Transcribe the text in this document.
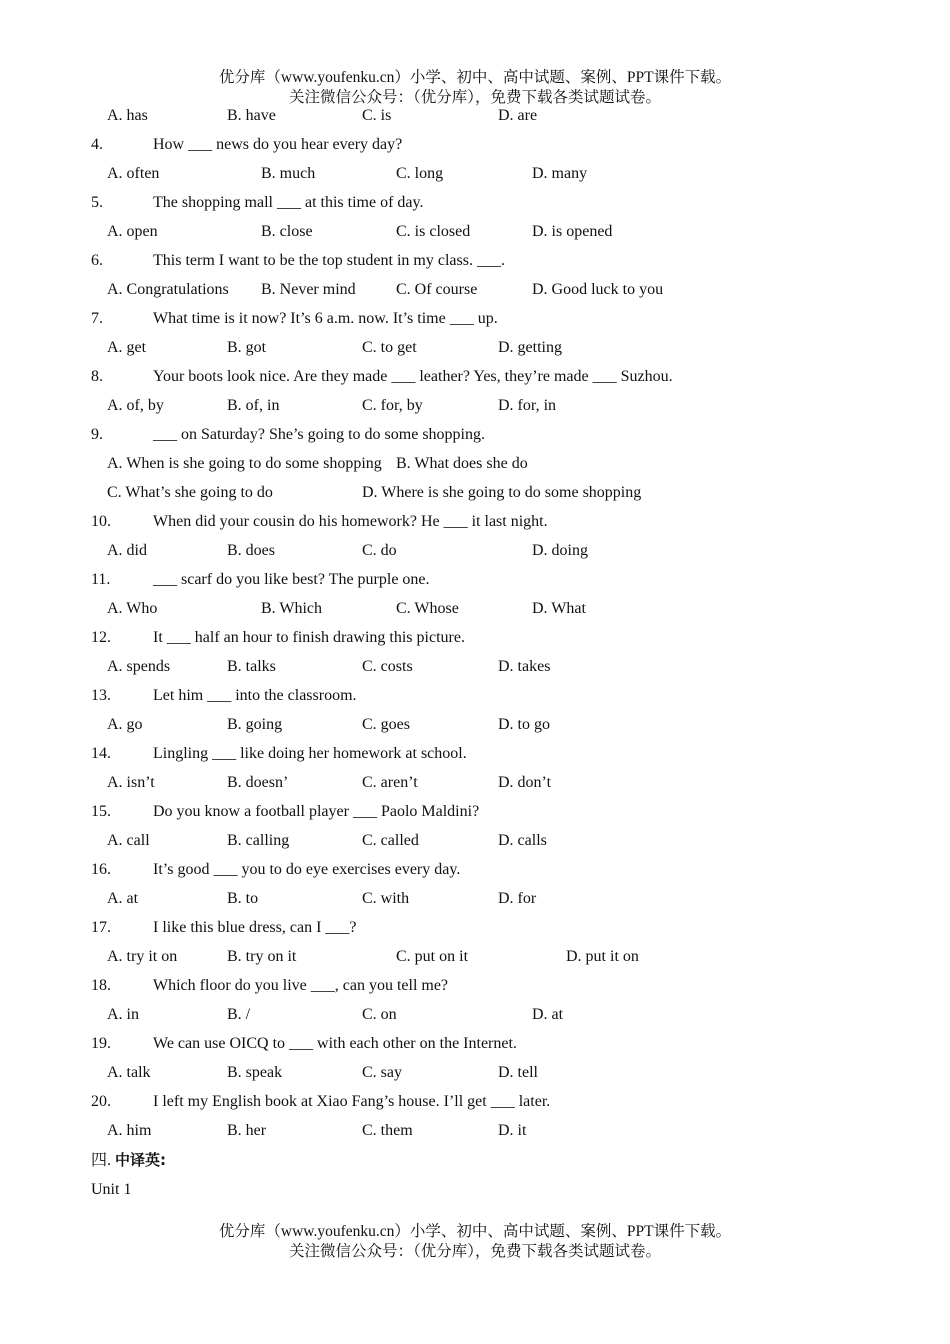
优分库（www.youfenku.cn）小学、初中、高中试题、案例、PPT课件下载。
关注微信公众号：（优分库），免费下载各类试题试卷。
A. has	B. have	C. is	D. are
4.	How ___ news do you hear every day?
A. often	B. much	C. long	D. many
5.	The shopping mall ___ at this time of day.
A. open	B. close	C. is closed	D. is opened
6.	This term I want to be the top student in my class. ___.
A. Congratulations B. Never mind	C. Of course	D. Good luck to you
7.	What time is it now? It’s 6 a.m. now. It’s time ___ up.
A. get	B. got	C. to get	D. getting
8.	Your boots look nice. Are they made ___ leather? Yes, they’re made ___ Suzhou.
A. of, by	B. of, in	C. for, by	D. for, in
9.	___ on Saturday? She’s going to do some shopping.
A. When is she going to do some shopping B. What does she do
C. What’s she going to do	D. Where is she going to do some shopping
10.	When did your cousin do his homework? He ___ it last night.
A. did	B. does	C. do	D. doing
11.	___ scarf do you like best? The purple one.
A. Who	B. Which	C. Whose	D. What
12.	It ___ half an hour to finish drawing this picture.
A. spends	B. talks	C. costs	D. takes
13.	Let him ___ into the classroom.
A. go	B. going	C. goes	D. to go
14.	Lingling ___ like doing her homework at school.
A. isn’t	B. doesn’	C. aren’t	D. don’t
15.	Do you know a football player ___ Paolo Maldini?
A. call	B. calling	C. called	D. calls
16.	It’s good ___ you to do eye exercises every day.
A. at	B. to	C. with	D. for
17.	I like this blue dress, can I ___?
A. try it on	B. try on it	C. put on it	D. put it on
18.	Which floor do you live ___, can you tell me?
A. in	B. /	C. on	D. at
19.	We can use OICQ to ___ with each other on the Internet.
A. talk	B. speak	C. say	D. tell
20.	I left my English book at Xiao Fang’s house. I’ll get ___ later.
A. him	B. her	C. them	D. it
四. 中译英:
Unit 1
优分库（www.youfenku.cn）小学、初中、高中试题、案例、PPT课件下载。
关注微信公众号：（优分库），免费下载各类试题试卷。
